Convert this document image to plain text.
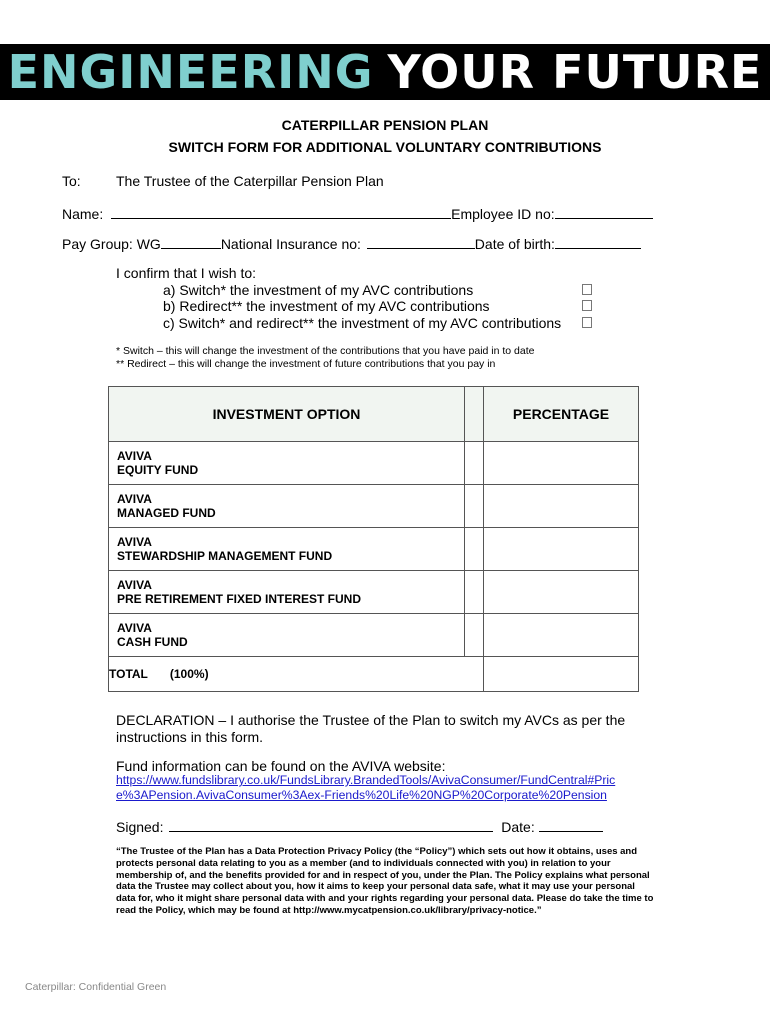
ENGINEERING YOUR FUTURE
CATERPILLAR PENSION PLAN
SWITCH FORM FOR ADDITIONAL VOLUNTARY CONTRIBUTIONS
To:	The Trustee of the Caterpillar Pension Plan
Name:	Employee ID no:
Pay Group: WG	National Insurance no:	Date of birth:
I confirm that I wish to:
a) Switch* the investment of my AVC contributions
b) Redirect** the investment of my AVC contributions
c) Switch* and redirect** the investment of my AVC contributions
* Switch – this will change the investment of the contributions that you have paid in to date
** Redirect – this will change the investment of future contributions that you pay in
INVESTMENT OPTION		PERCENTAGE

AVIVA
EQUITY FUND		

AVIVA
MANAGED FUND		

AVIVA
STEWARDSHIP MANAGEMENT FUND		

AVIVA
PRE RETIREMENT FIXED INTEREST FUND		

AVIVA
CASH FUND		

TOTAL (100%)		
DECLARATION – I authorise the Trustee of the Plan to switch my AVCs as per the
instructions in this form.
Fund information can be found on the AVIVA website:
https://www.fundslibrary.co.uk/FundsLibrary.BrandedTools/AvivaConsumer/FundCentral#Pric
e%3APension.AvivaConsumer%3Aex-Friends%20Life%20NGP%20Corporate%20Pension
Signed:	Date:
“The Trustee of the Plan has a Data Protection Privacy Policy (the “Policy”) which sets out how it obtains, uses and protects personal data relating to you as a member (and to individuals connected with you) in relation to your membership of, and the benefits provided for and in respect of you, under the Plan. The Policy explains what personal data the Trustee may collect about you, how it aims to keep your personal data safe, what it may use your personal data for, who it might share personal data with and your rights regarding your personal data. Please do take the time to read the Policy, which may be found at http://www.mycatpension.co.uk/library/privacy-notice.”
Caterpillar: Confidential Green
